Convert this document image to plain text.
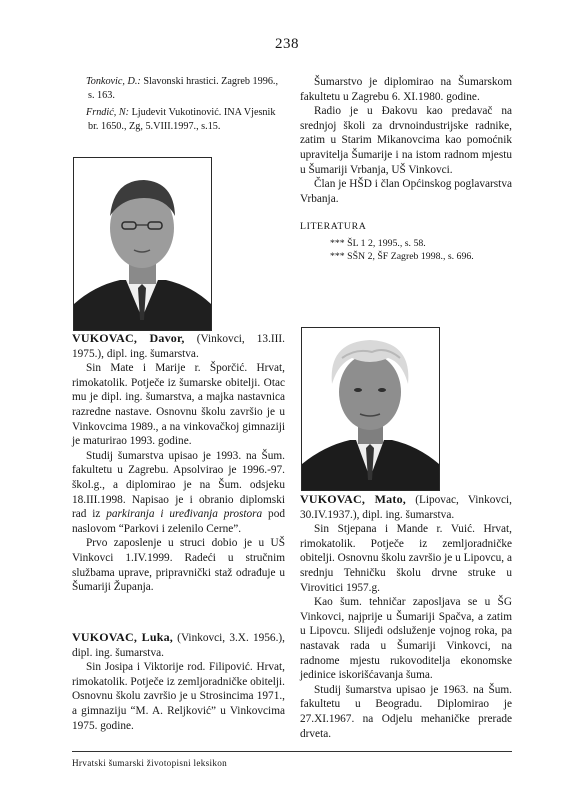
238

Tonkovic, D.: Slavonski hrastici. Zagreb 1996., s. 163.

Frndić, N: Ljudevit Vukotinović. INA Vjesnik br. 1650., Zg, 5.VIII.1997., s.15.

VUKOVAC, Davor, (Vinkovci, 13.III. 1975.), dipl. ing. šumarstva.

Sin Mate i Marije r. Šporčić. Hrvat, rimokatolik. Potječe iz šumarske obitelji. Otac mu je dipl. ing. šumarstva, a majka nastavnica razredne nastave. Osnovnu školu završio je u Vinkovcima 1989., a na vinkovačkoj gimnaziji je maturirao 1993. godine.

Studij šumarstva upisao je 1993. na Šum. fakultetu u Zagrebu. Apsolvirao je 1996.-97. škol.g., a diplomirao je na Šum. odsjeku 18.III.1998. Napisao je i obranio diplomski rad iz parkiranja i uređivanja prostora pod naslovom “Parkovi i zelenilo Cerne”.

Prvo zaposlenje u struci dobio je u UŠ Vinkovci 1.IV.1999. Radeći u stručnim službama uprave, pripravnički staž odrađuje u Šumariji Županja.

VUKOVAC, Luka, (Vinkovci, 3.X. 1956.), dipl. ing. šumarstva.

Sin Josipa i Viktorije rod. Filipović. Hrvat, rimokatolik. Potječe iz zemljoradničke obitelji. Osnovnu školu završio je u Strosincima 1971., a gimnaziju “M. A. Reljković” u Vinkovcima 1975. godine.

Šumarstvo je diplomirao na Šumarskom fakultetu u Zagrebu 6. XI.1980. godine.

Radio je u Đakovu kao predavač na srednjoj školi za drvnoindustrijske radnike, zatim u Starim Mikanovcima kao pomoćnik upravitelja Šumarije i na istom radnom mjestu u Šumariji Vrbanja, UŠ Vinkovci.

Član je HŠD i član Općinskog poglavarstva Vrbanja.

LITERATURA
*** ŠL 1 2, 1995., s. 58.
*** SŠN 2, ŠF Zagreb 1998., s. 696.

VUKOVAC, Mato, (Lipovac, Vinkovci, 30.IV.1937.), dipl. ing. šumarstva.

Sin Stjepana i Mande r. Vuić. Hrvat, rimokatolik. Potječe iz zemljoradničke obitelji. Osnovnu školu završio je u Lipovcu, a srednju Tehničku školu drvne struke u Virovitici 1957.g.

Kao šum. tehničar zaposljava se u ŠG Vinkovci, najprije u Šumariji Spačva, a zatim u Lipovcu. Slijedi odsluženje vojnog roka, pa nastavak rada u Šumariji Vinkovci, na radnome mjestu rukovoditelja ekonomske jedinice iskorišćavanja šuma.

Studij šumarstva upisao je 1963. na Šum. fakultetu u Beogradu. Diplomirao je 27.XI.1967. na Odjelu mehaničke prerade drveta.

Hrvatski šumarski životopisni leksikon
